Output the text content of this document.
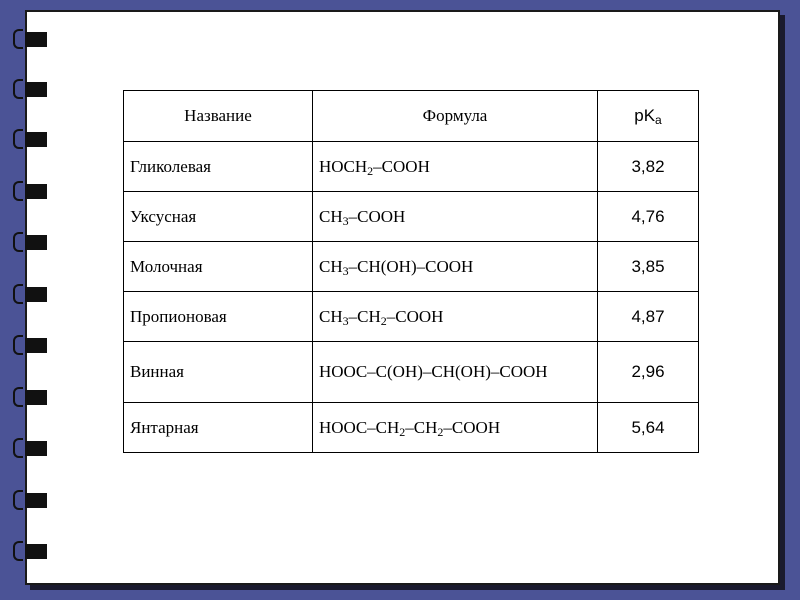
Название	Формула	$pK_a$
Гликолевая	$HOCH_2$–COOH	3,82
Уксусная	$CH_3$–COOH	4,76
Молочная	$CH_3-CH(OH)$–COOH	3,85
Пропионовая	$CH_3-CH_2$–COOH	4,87
Винная	HOOC–C(OH)–CH(OH)–COOH	2,96
Янтарная	HOOC–$CH_2-CH_2$–COOH	5,64
